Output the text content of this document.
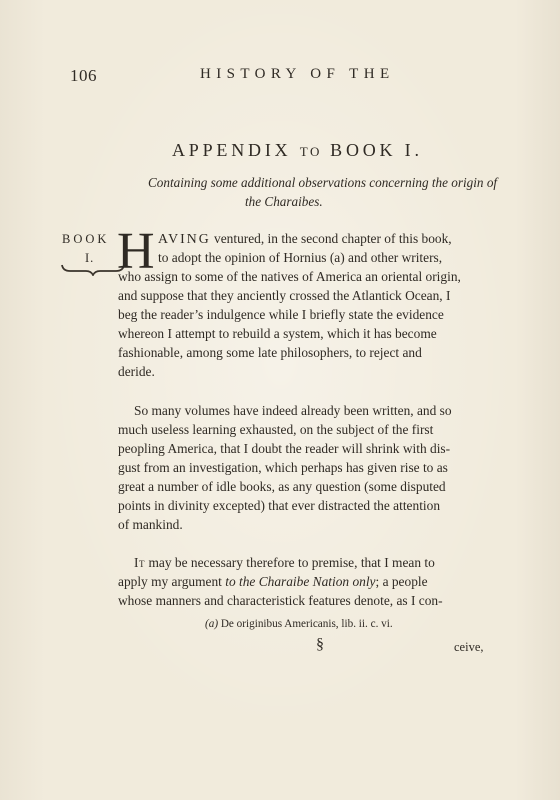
106	HISTORY OF THE
APPENDIX TO BOOK I.
Containing some additional observations concerning the origin of
the Charaibes.
BOOK
I. H AVING ventured, in the second chapter of this book,
to adopt the opinion of Hornius (a) and other writers,
who assign to some of the natives of America an oriental origin,
and suppose that they anciently crossed the Atlantick Ocean, I
beg the reader’s indulgence while I briefly state the evidence
whereon I attempt to rebuild a system, which it has become
fashionable, among some late philosophers, to reject and
deride.
So many volumes have indeed already been written, and so
much useless learning exhausted, on the subject of the first
peopling America, that I doubt the reader will shrink with dis-
gust from an investigation, which perhaps has given rise to as
great a number of idle books, as any question (some disputed
points in divinity excepted) that ever distracted the attention
of mankind.
It may be necessary therefore to premise, that I mean to
apply my argument to the Charaibe Nation only; a people
whose manners and characteristick features denote, as I con-
(a) De originibus Americanis, lib. ii. c. vi.
§	ceive,
